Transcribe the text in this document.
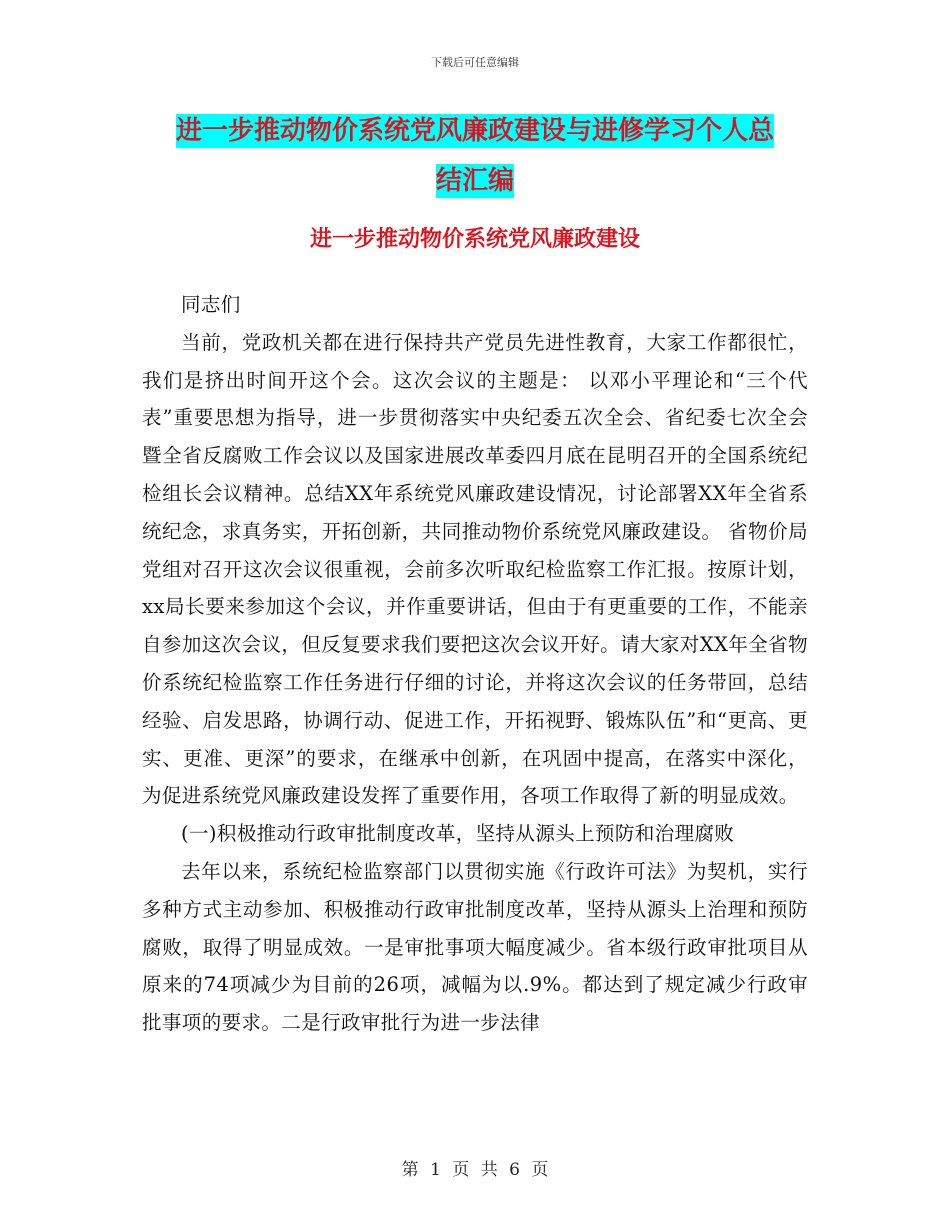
下载后可任意编辑
进一步推动物价系统党风廉政建设与进修学习个人总
结汇编
进一步推动物价系统党风廉政建设

同志们

当前，党政机关都在进行保持共产党员先进性教育，大家工作都很忙，我们是挤出时间开这个会。这次会议的主题是： 以邓小平理论和“三个代表”重要思想为指导，进一步贯彻落实中央纪委五次全会、省纪委七次全会暨全省反腐败工作会议以及国家进展改革委四月底在昆明召开的全国系统纪检组长会议精神。总结XX年系统党风廉政建设情况，讨论部署XX年全省系统纪念，求真务实，开拓创新，共同推动物价系统党风廉政建设。 省物价局党组对召开这次会议很重视，会前多次听取纪检监察工作汇报。按原计划，xx局长要来参加这个会议，并作重要讲话，但由于有更重要的工作，不能亲自参加这次会议，但反复要求我们要把这次会议开好。请大家对XX年全省物价系统纪检监察工作任务进行仔细的讨论，并将这次会议的任务带回，总结经验、启发思路，协调行动、促进工作，开拓视野、锻炼队伍”和“更高、更实、更准、更深”的要求，在继承中创新，在巩固中提高，在落实中深化，为促进系统党风廉政建设发挥了重要作用，各项工作取得了新的明显成效。

(一)积极推动行政审批制度改革，坚持从源头上预防和治理腐败

去年以来，系统纪检监察部门以贯彻实施《行政许可法》为契机，实行多种方式主动参加、积极推动行政审批制度改革，坚持从源头上治理和预防腐败，取得了明显成效。一是审批事项大幅度减少。省本级行政审批项目从原来的74项减少为目前的26项，减幅为以.9%。都达到了规定减少行政审批事项的要求。二是行政审批行为进一步法律

第 1 页 共 6 页
